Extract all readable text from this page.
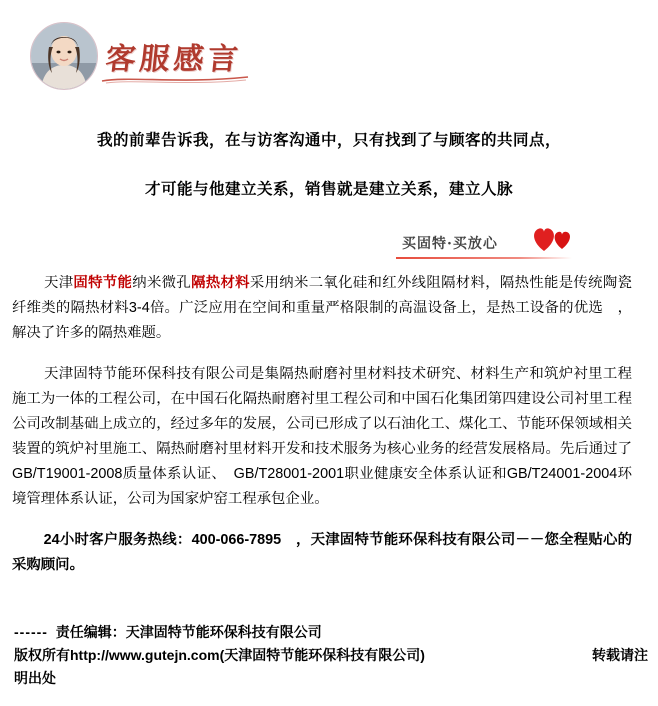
客服感言
我的前辈告诉我，在与访客沟通中，只有找到了与顾客的共同点，
才可能与他建立关系，销售就是建立关系，建立人脉
买固特·买放心

天津固特节能纳米微孔隔热材料采用纳米二氧化硅和红外线阻隔材料，隔热性能是传统陶瓷纤维类的隔热材料3-4倍。广泛应用在空间和重量严格限制的高温设备上，是热工设备的优选　，解决了许多的隔热难题。

天津固特节能环保科技有限公司是集隔热耐磨衬里材料技术研究、材料生产和筑炉衬里工程施工为一体的工程公司，在中国石化隔热耐磨衬里工程公司和中国石化集团第四建设公司衬里工程公司改制基础上成立的，经过多年的发展，公司已形成了以石油化工、煤化工、节能环保领域相关装置的筑炉衬里施工、隔热耐磨衬里材料开发和技术服务为核心业务的经营发展格局。先后通过了GB/T19001-2008质量体系认证、　GB/T28001-2001职业健康安全体系认证和GB/T24001-2004环境管理体系认证，公司为国家炉窑工程承包企业。

24小时客户服务热线：400-066-7895　，天津固特节能环保科技有限公司－－您全程贴心的采购顾问。

------ 责任编辑：天津固特节能环保科技有限公司
版权所有http://www.gutejn.com(天津固特节能环保科技有限公司)	转载请注
明出处
